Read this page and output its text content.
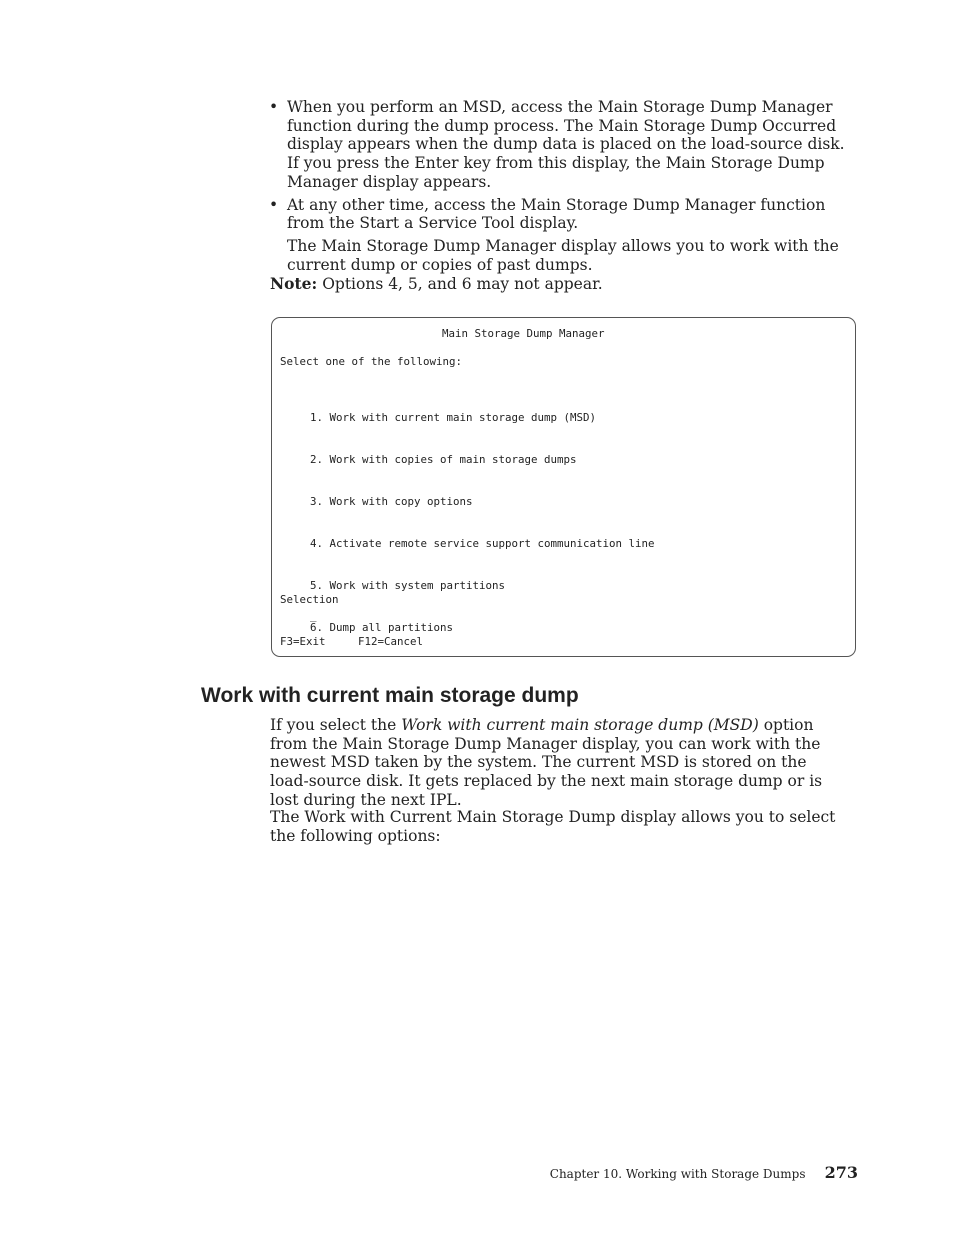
• When you perform an MSD, access the Main Storage Dump Manager function during the dump process. The Main Storage Dump Occurred display appears when the dump data is placed on the load-source disk. If you press the Enter key from this display, the Main Storage Dump Manager display appears.

• At any other time, access the Main Storage Dump Manager function from the Start a Service Tool display.

The Main Storage Dump Manager display allows you to work with the current dump or copies of past dumps.

Note: Options 4, 5, and 6 may not appear.

Main Storage Dump Manager
Select one of the following:

1. Work with current main storage dump (MSD)

2. Work with copies of main storage dumps

3. Work with copy options

4. Activate remote service support communication line

5. Work with system partitions

6. Dump all partitions

Selection
_
F3=Exit	F12=Cancel
Work with current main storage dump

If you select the Work with current main storage dump (MSD) option from the Main Storage Dump Manager display, you can work with the newest MSD taken by the system. The current MSD is stored on the load-source disk. It gets replaced by the next main storage dump or is lost during the next IPL.

The Work with Current Main Storage Dump display allows you to select the following options:

Chapter 10. Working with Storage Dumps 273
